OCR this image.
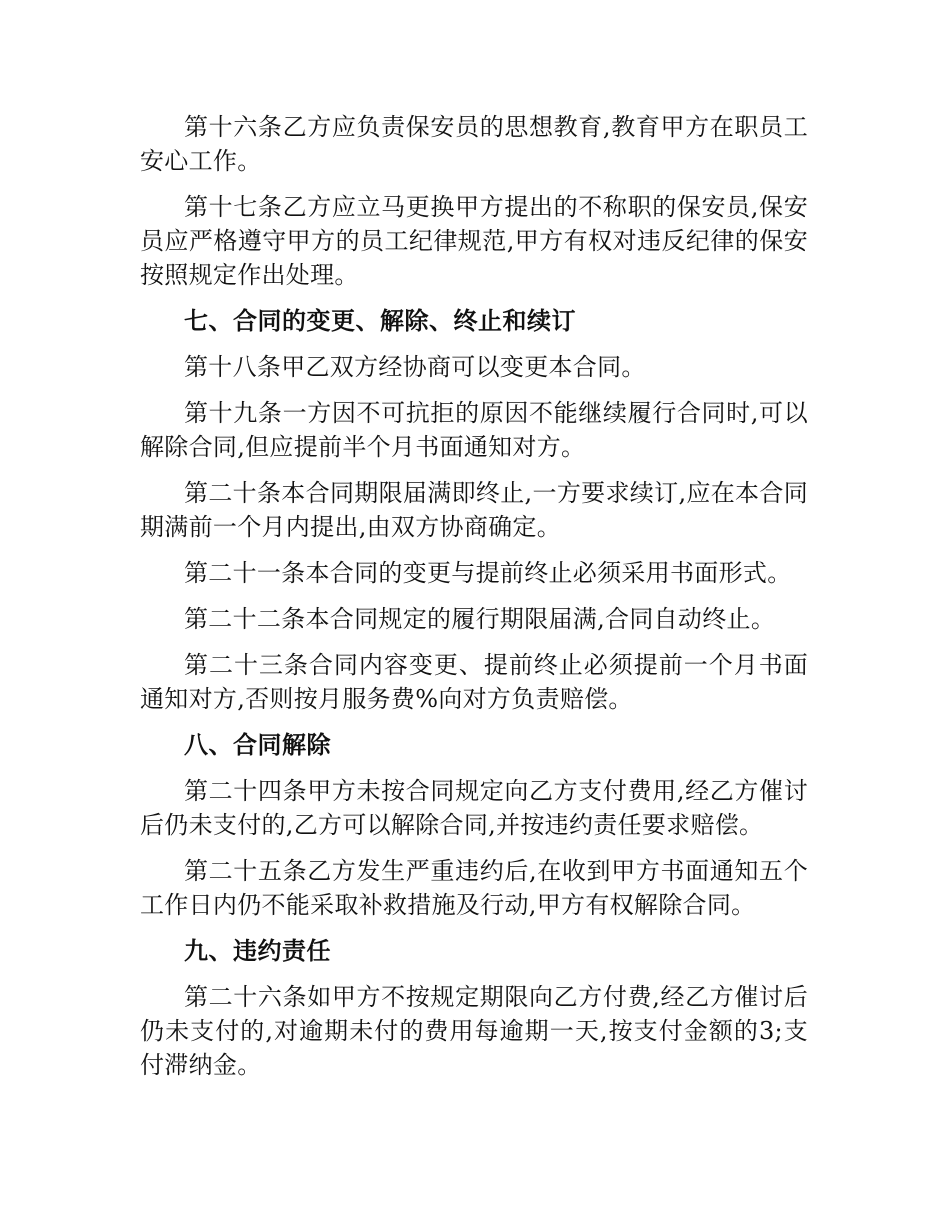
第十六条乙方应负责保安员的思想教育,教育甲方在职员工安心工作。

第十七条乙方应立马更换甲方提出的不称职的保安员,保安员应严格遵守甲方的员工纪律规范,甲方有权对违反纪律的保安按照规定作出处理。

七、合同的变更、解除、终止和续订

第十八条甲乙双方经协商可以变更本合同。

第十九条一方因不可抗拒的原因不能继续履行合同时,可以解除合同,但应提前半个月书面通知对方。

第二十条本合同期限届满即终止,一方要求续订,应在本合同期满前一个月内提出,由双方协商确定。

第二十一条本合同的变更与提前终止必须采用书面形式。

第二十二条本合同规定的履行期限届满,合同自动终止。

第二十三条合同内容变更、提前终止必须提前一个月书面通知对方,否则按月服务费%向对方负责赔偿。

八、合同解除

第二十四条甲方未按合同规定向乙方支付费用,经乙方催讨后仍未支付的,乙方可以解除合同,并按违约责任要求赔偿。

第二十五条乙方发生严重违约后,在收到甲方书面通知五个工作日内仍不能采取补救措施及行动,甲方有权解除合同。

九、违约责任

第二十六条如甲方不按规定期限向乙方付费,经乙方催讨后仍未支付的,对逾期未付的费用每逾期一天,按支付金额的3;支付滞纳金。
